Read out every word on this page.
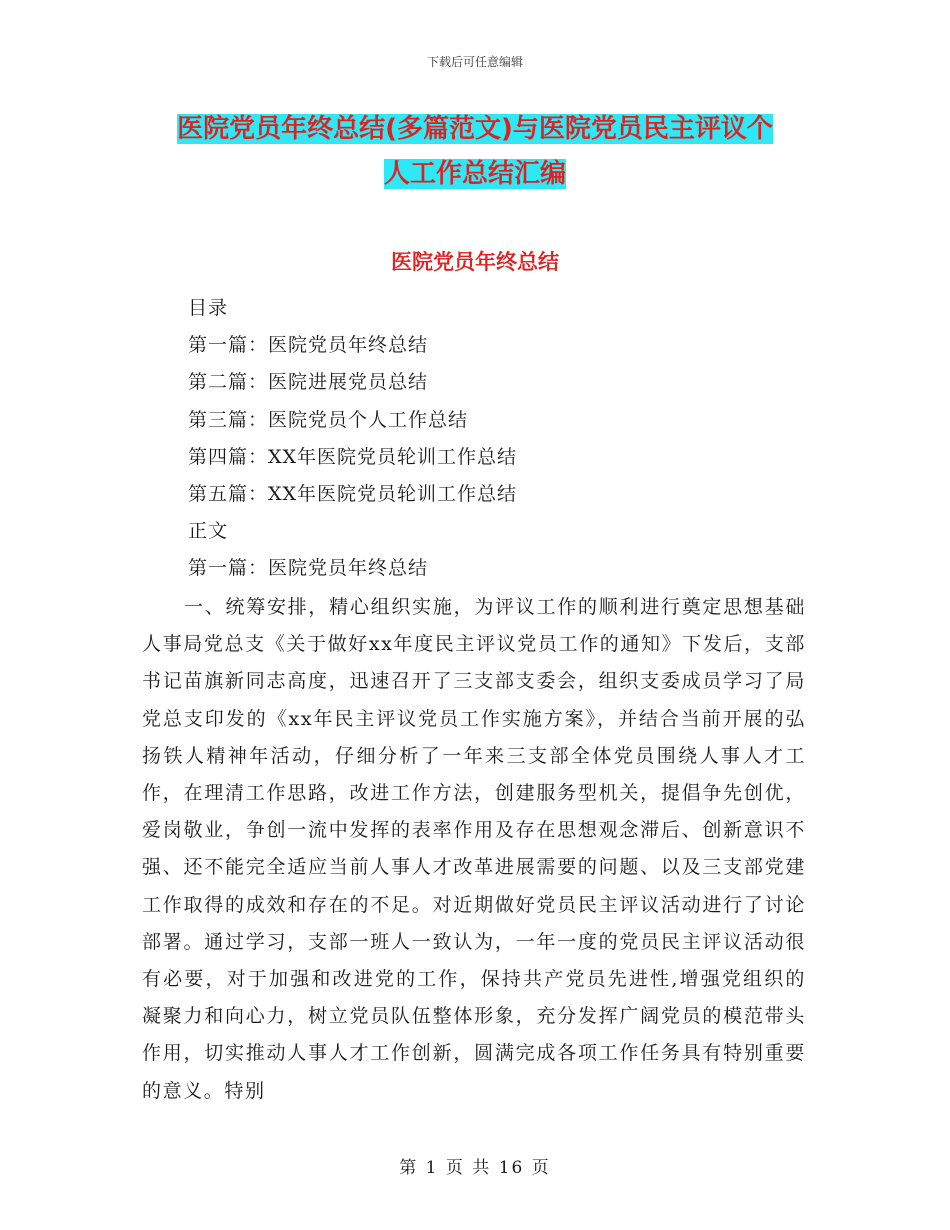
下载后可任意编辑
医院党员年终总结(多篇范文)与医院党员民主评议个
人工作总结汇编
医院党员年终总结
目录
第一篇：医院党员年终总结
第二篇：医院进展党员总结
第三篇：医院党员个人工作总结
第四篇：XX年医院党员轮训工作总结
第五篇：XX年医院党员轮训工作总结
正文
第一篇：医院党员年终总结

一、统筹安排，精心组织实施，为评议工作的顺利进行奠定思想基础人事局党总支《关于做好xx年度民主评议党员工作的通知》下发后，支部书记苗旗新同志高度，迅速召开了三支部支委会，组织支委成员学习了局党总支印发的《xx年民主评议党员工作实施方案》，并结合当前开展的弘扬铁人精神年活动，仔细分析了一年来三支部全体党员围绕人事人才工作，在理清工作思路，改进工作方法，创建服务型机关，提倡争先创优，爱岗敬业，争创一流中发挥的表率作用及存在思想观念滞后、创新意识不强、还不能完全适应当前人事人才改革进展需要的问题、以及三支部党建工作取得的成效和存在的不足。对近期做好党员民主评议活动进行了讨论部署。通过学习，支部一班人一致认为，一年一度的党员民主评议活动很有必要，对于加强和改进党的工作，保持共产党员先进性,增强党组织的凝聚力和向心力，树立党员队伍整体形象，充分发挥广阔党员的模范带头作用，切实推动人事人才工作创新，圆满完成各项工作任务具有特别重要的意义。特别

第 1 页 共 16 页
